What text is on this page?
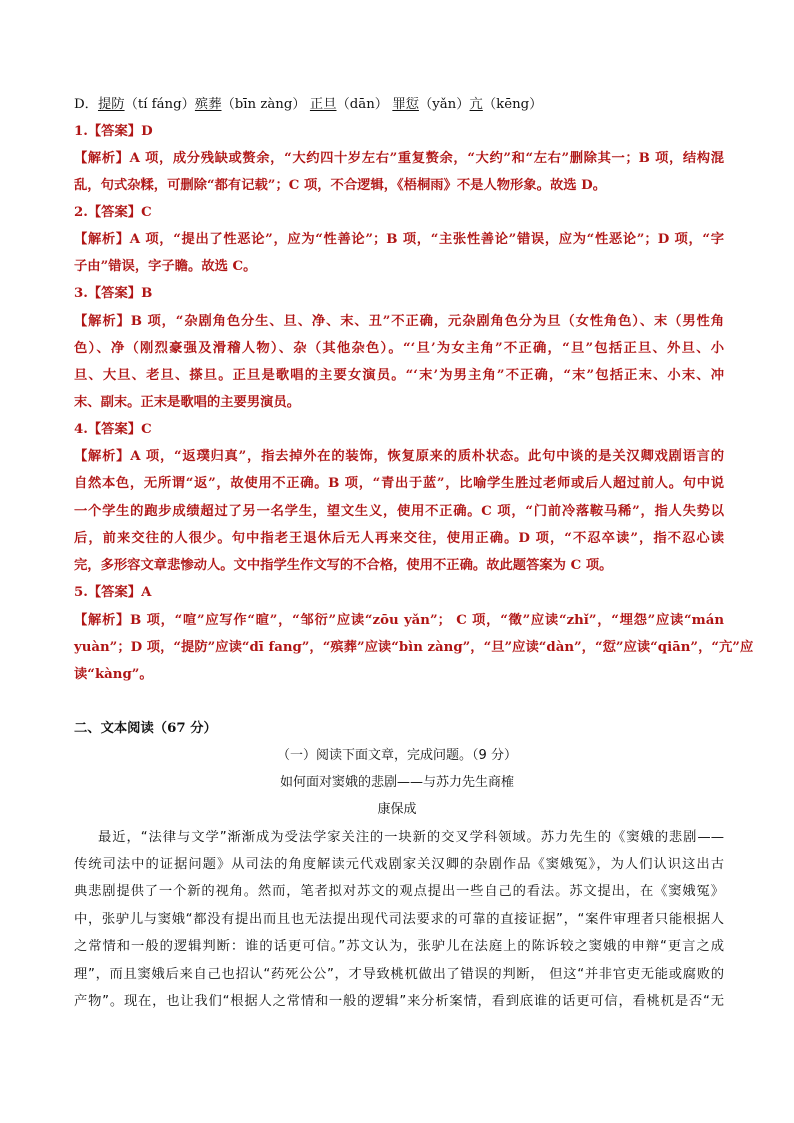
D．提防（tí fáng）殡葬（bīn zàng） 正旦（dān） 罪愆（yǎn）亢（kēng）
1.【答案】D
【解析】A 项，成分残缺或赘余，“大约四十岁左右”重复赘余，“大约”和“左右”删除其一；B 项，结构混
乱，句式杂糅，可删除“都有记载”；C 项，不合逻辑，《梧桐雨》不是人物形象。故选 D。
2.【答案】C
【解析】A 项，“提出了性恶论”，应为“性善论”；B 项，“主张性善论”错误，应为“性恶论”；D 项，“字
子由”错误，字子瞻。故选 C。
3.【答案】B
【解析】B 项，“杂剧角色分生、旦、净、末、丑”不正确，元杂剧角色分为旦（女性角色）、末（男性角
色）、净（刚烈豪强及滑稽人物）、杂（其他杂色）。“‘旦’为女主角”不正确，“旦”包括正旦、外旦、小
旦、大旦、老旦、搽旦。正旦是歌唱的主要女演员。“‘末’为男主角”不正确，“末”包括正末、小末、冲
末、副末。正末是歌唱的主要男演员。
4.【答案】C
【解析】A 项，“返璞归真”，指去掉外在的装饰，恢复原来的质朴状态。此句中谈的是关汉卿戏剧语言的
自然本色，无所谓“返”，故使用不正确。B 项，“青出于蓝”，比喻学生胜过老师或后人超过前人。句中说
一个学生的跑步成绩超过了另一名学生，望文生义，使用不正确。C 项，“门前冷落鞍马稀”，指人失势以
后，前来交往的人很少。句中指老王退休后无人再来交往，使用正确。D 项，“不忍卒读”，指不忍心读
完，多形容文章悲惨动人。文中指学生作文写的不合格，使用不正确。故此题答案为 C 项。
5.【答案】A
【解析】B 项，“喧”应写作“暄”，“邹衍”应读“zōu yǎn”； C 项，“徵”应读“zhǐ”，“埋怨”应读“mán
yuàn”；D 项，“提防”应读“dī fang”，“殡葬”应读“bìn zàng”，“旦”应读“dàn”，“愆”应读“qiān”，“亢”应
读“kàng”。
二、文本阅读（67 分）
（一）阅读下面文章，完成问题。（9 分）
如何面对窦娥的悲剧——与苏力先生商榷
康保成
最近，“法律与文学”渐渐成为受法学家关注的一块新的交叉学科领域。苏力先生的《窦娥的悲剧——
传统司法中的证据问题》从司法的角度解读元代戏剧家关汉卿的杂剧作品《窦娥冤》，为人们认识这出古
典悲剧提供了一个新的视角。然而，笔者拟对苏文的观点提出一些自己的看法。苏文提出，在《窦娥冤》
中，张驴儿与窦娥“都没有提出而且也无法提出现代司法要求的可靠的直接证据”，“案件审理者只能根据人
之常情和一般的逻辑判断：谁的话更可信。”苏文认为，张驴儿在法庭上的陈诉较之窦娥的申辩“更言之成
理”，而且窦娥后来自己也招认“药死公公”，才导致桃杌做出了错误的判断， 但这“并非官吏无能或腐败的
产物”。现在，也让我们“根据人之常情和一般的逻辑”来分析案情，看到底谁的话更可信，看桃杌是否“无
